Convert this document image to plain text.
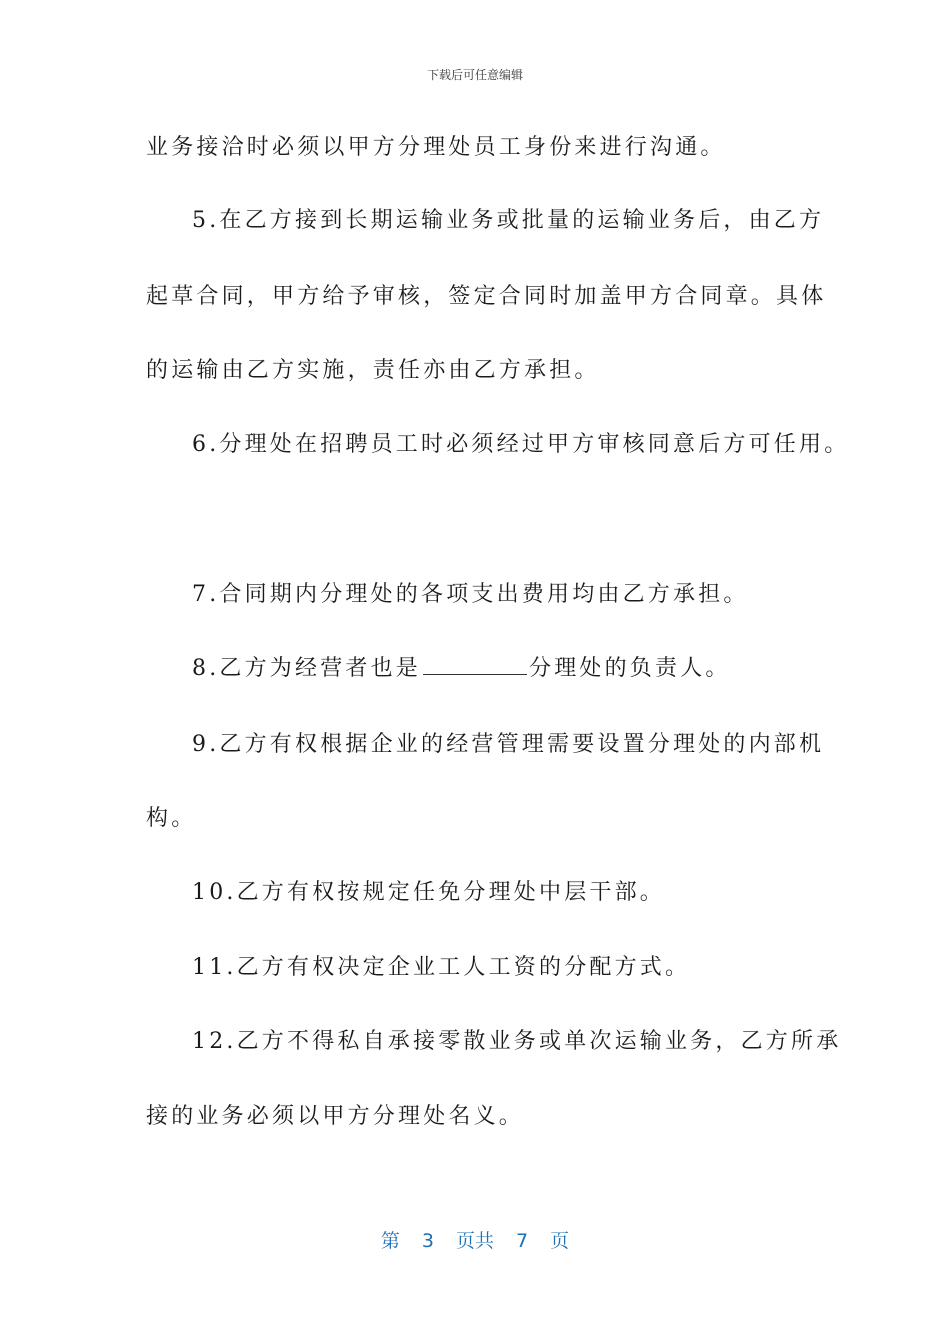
下载后可任意编辑
业务接洽时必须以甲方分理处员工身份来进行沟通。
5.在乙方接到长期运输业务或批量的运输业务后，由乙方
起草合同，甲方给予审核，签定合同时加盖甲方合同章。具体
的运输由乙方实施，责任亦由乙方承担。
6.分理处在招聘员工时必须经过甲方审核同意后方可任用。
7.合同期内分理处的各项支出费用均由乙方承担。
8.乙方为经营者也是	分理处的负责人。
9.乙方有权根据企业的经营管理需要设置分理处的内部机
构。
10.乙方有权按规定任免分理处中层干部。
11.乙方有权决定企业工人工资的分配方式。
12.乙方不得私自承接零散业务或单次运输业务，乙方所承
接的业务必须以甲方分理处名义。
第 3 页共 7 页
